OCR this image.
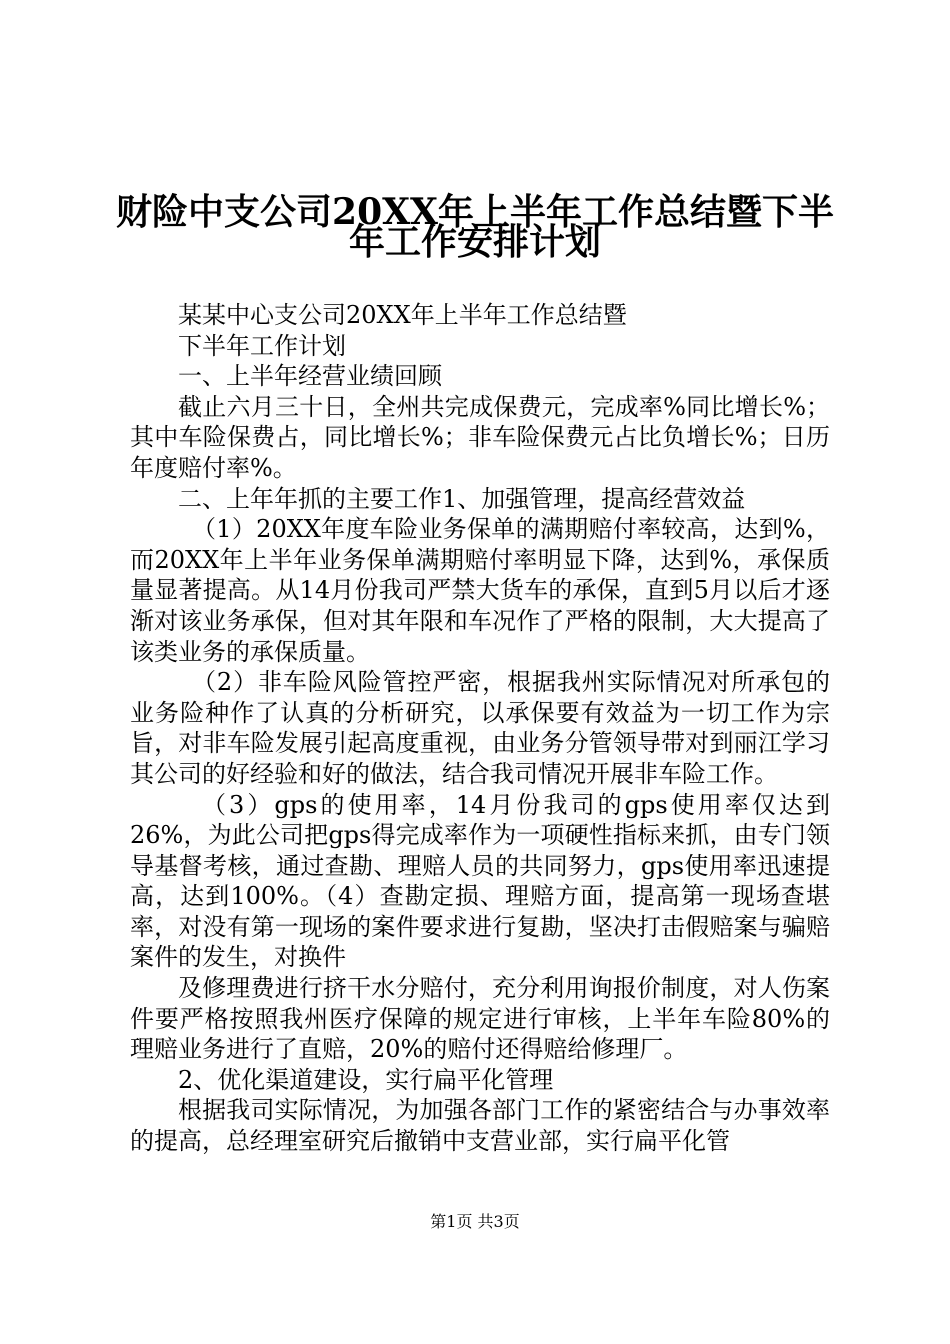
财险中支公司20XX年上半年工作总结暨下半
年工作安排计划

某某中心支公司20XX年上半年工作总结暨

下半年工作计划

一、上半年经营业绩回顾

截止六月三十日，全州共完成保费元，完成率%同比增长%；其中车险保费占，同比增长%；非车险保费元占比负增长%；日历年度赔付率%。

二、上年年抓的主要工作1、加强管理，提高经营效益

（1）20XX年度车险业务保单的满期赔付率较高，达到%，而20XX年上半年业务保单满期赔付率明显下降，达到%，承保质量显著提高。从14月份我司严禁大货车的承保，直到5月以后才逐渐对该业务承保，但对其年限和车况作了严格的限制，大大提高了该类业务的承保质量。

（2）非车险风险管控严密，根据我州实际情况对所承包的业务险种作了认真的分析研究，以承保要有效益为一切工作为宗旨，对非车险发展引起高度重视，由业务分管领导带对到丽江学习其公司的好经验和好的做法，结合我司情况开展非车险工作。

（3）gps的使用率，14月份我司的gps使用率仅达到26%，为此公司把gps得完成率作为一项硬性指标来抓，由专门领导基督考核，通过查勘、理赔人员的共同努力，gps使用率迅速提高，达到100%。（4）查勘定损、理赔方面，提高第一现场查堪率，对没有第一现场的案件要求进行复勘，坚决打击假赔案与骗赔案件的发生，对换件

及修理费进行挤干水分赔付，充分利用询报价制度，对人伤案件要严格按照我州医疗保障的规定进行审核，上半年车险80%的理赔业务进行了直赔，20%的赔付还得赔给修理厂。

2、优化渠道建设，实行扁平化管理

根据我司实际情况，为加强各部门工作的紧密结合与办事效率的提高，总经理室研究后撤销中支营业部，实行扁平化管

第1页 共3页
